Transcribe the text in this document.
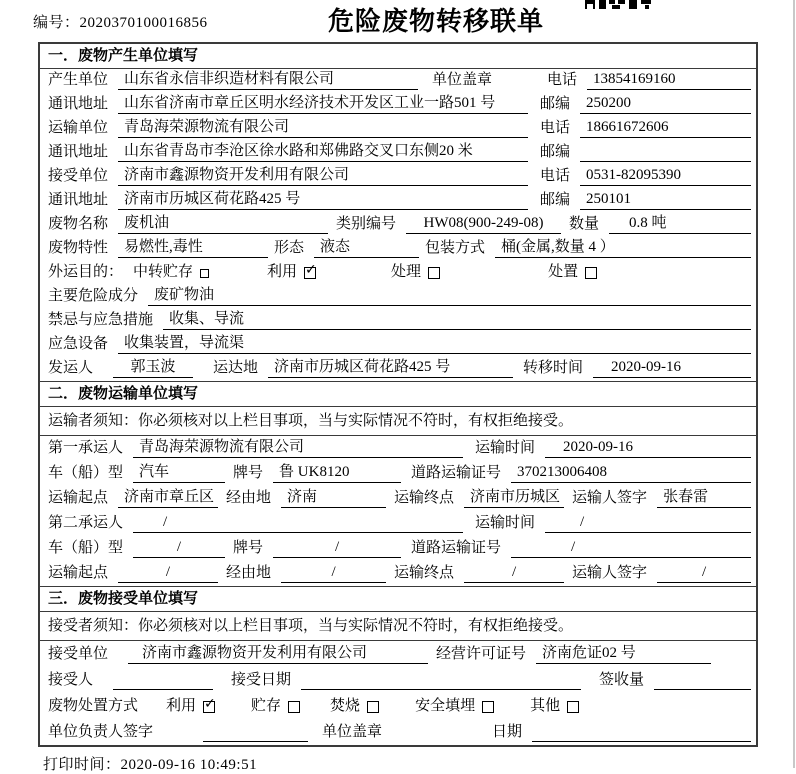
编号：2020370100016856	危险废物转移联单
一．废物产生单位填写
产生单位	山东省永信非织造材料有限公司	单位盖章	电话	13854169160
通讯地址	山东省济南市章丘区明水经济技术开发区工业一路501 号	邮编	250200
运输单位	青岛海荣源物流有限公司	电话	18661672606
通讯地址	山东省青岛市李沧区徐水路和郑佛路交叉口东侧20 米	邮编
接受单位	济南市鑫源物资开发利用有限公司	电话	0531-82095390
通讯地址	济南市历城区荷花路425 号	邮编	250101
废物名称	废机油	类别编号	HW08(900-249-08)	数量	0.8 吨
废物特性	易燃性,毒性	形态	液态	包装方式	桶(金属,数量 4 ）
外运目的： 中转贮存	利用 ✓	处理	处置
主要危险成分	废矿物油
禁忌与应急措施	收集、导流
应急设备	收集装置，导流渠
发运人	郭玉波	运达地	济南市历城区荷花路425 号	转移时间	2020-09-16
二．废物运输单位填写
运输者须知：你必须核对以上栏目事项，当与实际情况不符时，有权拒绝接受。
第一承运人	青岛海荣源物流有限公司	运输时间	2020-09-16
车（船）型	汽车	牌号	鲁 UK8120	道路运输证号	370213006408
运输起点	济南市章丘区 经由地	济南	运输终点	济南市历城区 运输人签字	张春雷
第二承运人	/	运输时间	/
车（船）型	/	牌号	/	道路运输证号	/
运输起点	/	经由地	/	运输终点	/	运输人签字	/
三．废物接受单位填写
接受者须知：你必须核对以上栏目事项，当与实际情况不符时，有权拒绝接受。
接受单位	济南市鑫源物资开发利用有限公司	经营许可证号	济南危证02 号
接受人	接受日期	签收量
废物处置方式 利用 ✓ 贮存	焚烧	安全填埋	其他
单位负责人签字	单位盖章	日期
打印时间：2020-09-16 10:49:51
